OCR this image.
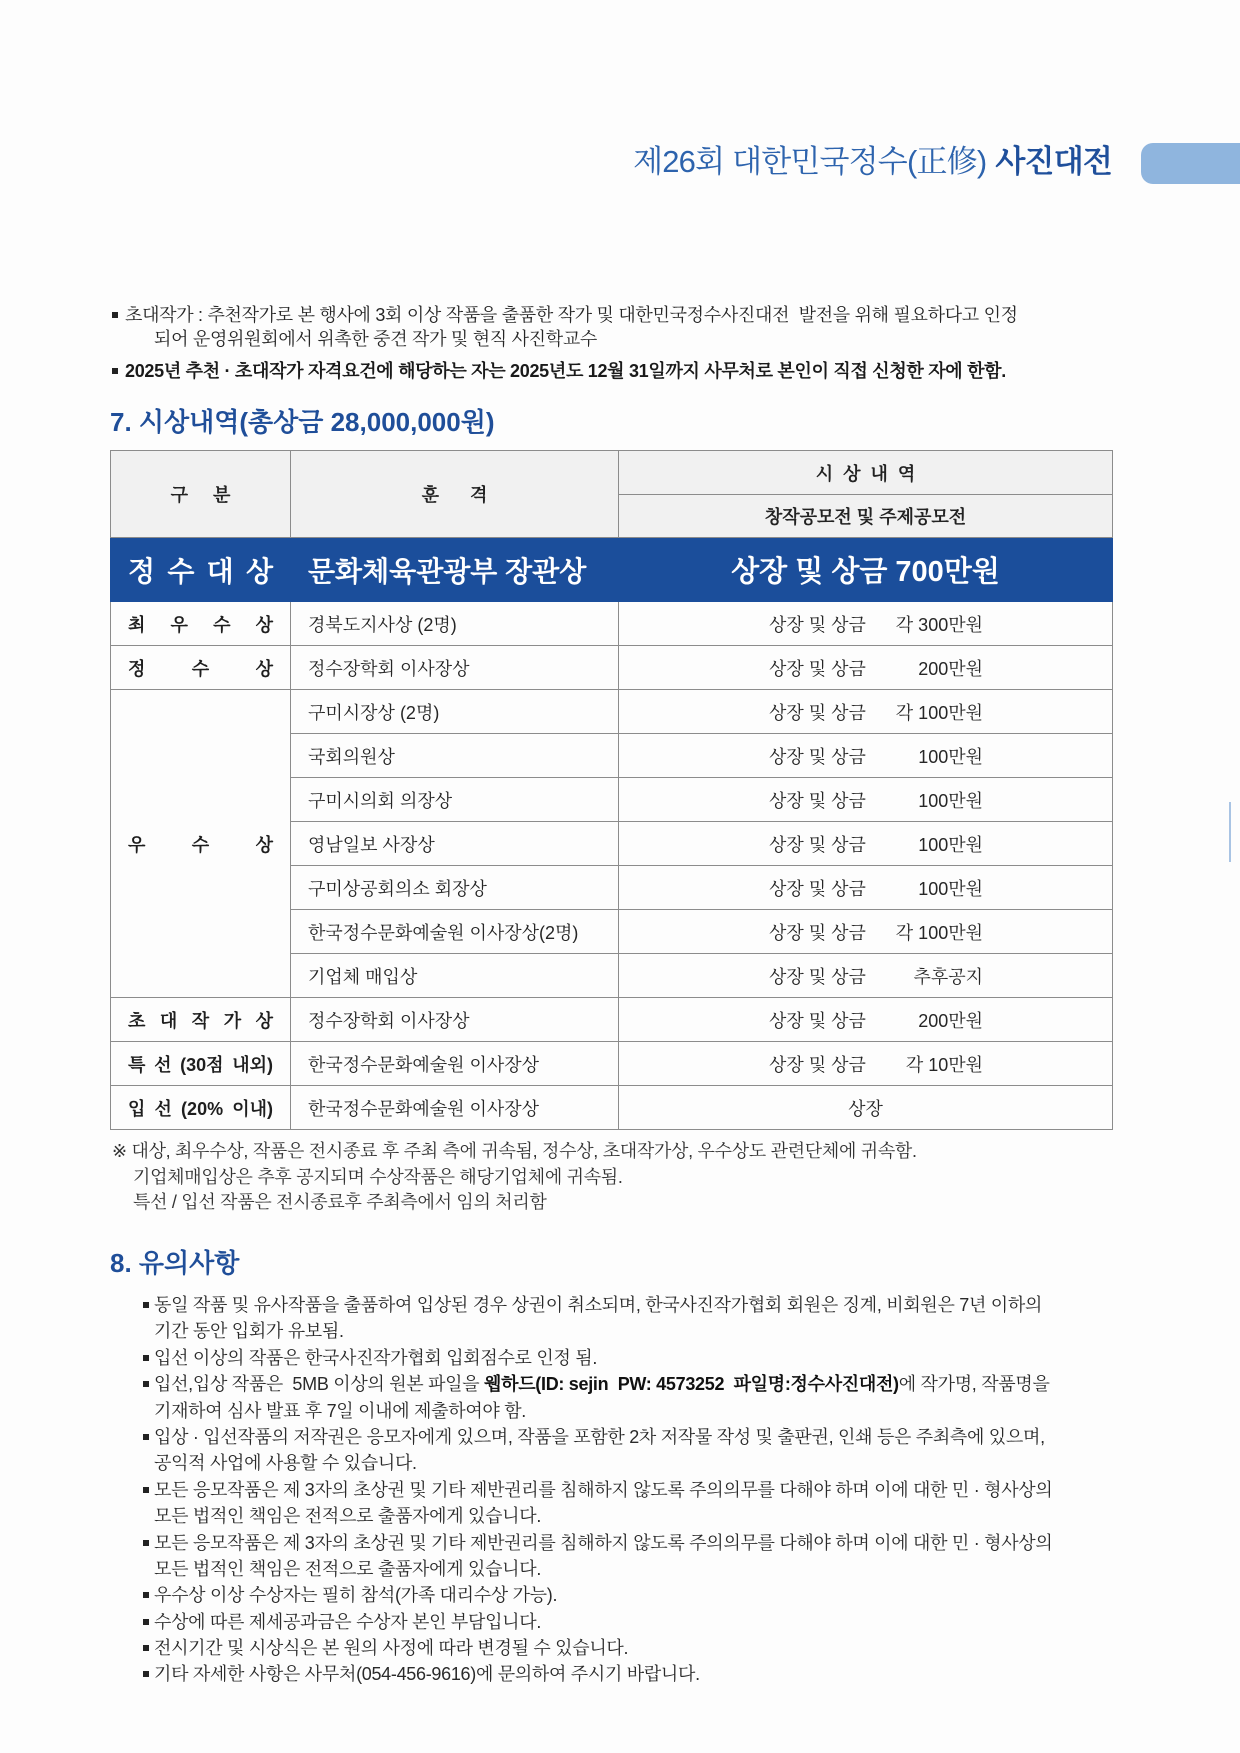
제26회 대한민국정수(正修) 사진대전
초대작가 : 추천작가로 본 행사에 3회 이상 작품을 출품한 작가 및 대한민국정수사진대전  발전을 위해 필요하다고 인정
되어 운영위원회에서 위촉한 중견 작가 및 현직 사진학교수
2025년 추천 · 초대작가 자격요건에 해당하는 자는 2025년도 12월 31일까지 사무처로 본인이 직접 신청한 자에 한함.
7. 시상내역(총상금 28,000,000원)
구 분	훈 격	시 상 내 역
		창작공모전 및 주제공모전
정 수 대 상	문화체육관광부 장관상	상장 및 상금 700만원
최 우 수 상	경북도지사상 (2명)	상장 및 상금 각 300만원

정 수 상	정수장학회 이사장상	상장 및 상금 200만원

우 수 상	구미시장상 (2명)	상장 및 상금 각 100만원

	국회의원상	상장 및 상금 100만원

	구미시의회 의장상	상장 및 상금 100만원

	영남일보 사장상	상장 및 상금 100만원

	구미상공회의소 회장상	상장 및 상금 100만원

	한국정수문화예술원 이사장상(2명)	상장 및 상금 각 100만원

	기업체 매입상	상장 및 상금 추후공지

초 대 작 가 상	정수장학회 이사장상	상장 및 상금 200만원

특 선 (30점 내외)	한국정수문화예술원 이사장상	상장 및 상금 각 10만원

입 선 (20% 이내)	한국정수문화예술원 이사장상	상장
※ 대상, 최우수상, 작품은 전시종료 후 주최 측에 귀속됨, 정수상, 초대작가상, 우수상도 관련단체에 귀속함.
기업체매입상은 추후 공지되며 수상작품은 해당기업체에 귀속됨.
특선 / 입선 작품은 전시종료후 주최측에서 임의 처리함
8. 유의사항
동일 작품 및 유사작품을 출품하여 입상된 경우 상권이 취소되며, 한국사진작가협회 회원은 징계, 비회원은 7년 이하의
기간 동안 입회가 유보됨.
입선 이상의 작품은 한국사진작가협회 입회점수로 인정 됨.
입선,입상 작품은  5MB 이상의 원본 파일을 웹하드(ID: sejin  PW: 4573252  파일명:정수사진대전)에 작가명, 작품명을
기재하여 심사 발표 후 7일 이내에 제출하여야 함.
입상 · 입선작품의 저작권은 응모자에게 있으며, 작품을 포함한 2차 저작물 작성 및 출판권, 인쇄 등은 주최측에 있으며,
공익적 사업에 사용할 수 있습니다.
모든 응모작품은 제 3자의 초상권 및 기타 제반권리를 침해하지 않도록 주의의무를 다해야 하며 이에 대한 민 · 형사상의
모든 법적인 책임은 전적으로 출품자에게 있습니다.
모든 응모작품은 제 3자의 초상권 및 기타 제반권리를 침해하지 않도록 주의의무를 다해야 하며 이에 대한 민 · 형사상의
모든 법적인 책임은 전적으로 출품자에게 있습니다.
우수상 이상 수상자는 필히 참석(가족 대리수상 가능).
수상에 따른 제세공과금은 수상자 본인 부담입니다.
전시기간 및 시상식은 본 원의 사정에 따라 변경될 수 있습니다.
기타 자세한 사항은 사무처(054-456-9616)에 문의하여 주시기 바랍니다.
